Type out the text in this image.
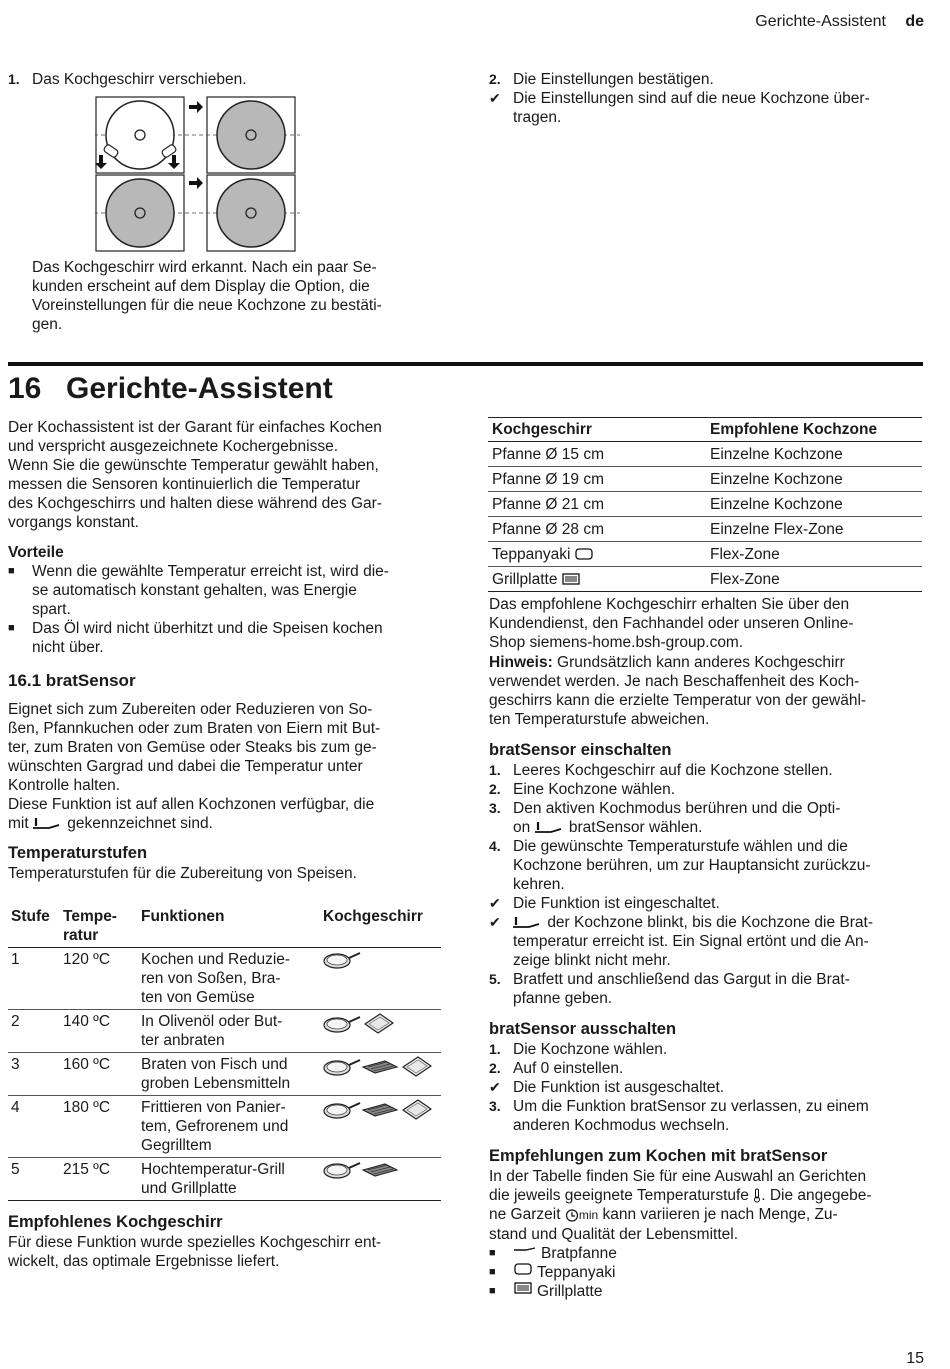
Gerichte-Assistent de
1. Das Kochgeschirr verschieben.

Das Kochgeschirr wird erkannt. Nach ein paar Se-

kunden erscheint auf dem Display die Option, die

Voreinstellungen für die neue Kochzone zu bestäti-

gen.

2. Die Einstellungen bestätigen.
✔ Die Einstellungen sind auf die neue Kochzone über-
tragen.
16 Gerichte-Assistent

Der Kochassistent ist der Garant für einfaches Kochen

und verspricht ausgezeichnete Kochergebnisse.

Wenn Sie die gewünschte Temperatur gewählt haben,

messen die Sensoren kontinuierlich die Temperatur

des Kochgeschirrs und halten diese während des Gar-

vorgangs konstant.

Vorteile
■	Wenn die gewählte Temperatur erreicht ist, wird die-
se automatisch konstant gehalten, was Energie
spart.
■	Das Öl wird nicht überhitzt und die Speisen kochen
nicht über.
16.1 bratSensor

Eignet sich zum Zubereiten oder Reduzieren von So-

ßen, Pfannkuchen oder zum Braten von Eiern mit But-

ter, zum Braten von Gemüse oder Steaks bis zum ge-

wünschten Gargrad und dabei die Temperatur unter

Kontrolle halten.

Diese Funktion ist auf allen Kochzonen verfügbar, die

mit gekennzeichnet sind.

Temperaturstufen

Temperaturstufen für die Zubereitung von Speisen.

Stufe	Tempe-
ratur	Funktionen	Kochgeschirr
1	120 ºC	Kochen und Reduzie-
ren von Soßen, Bra-
ten von Gemüse	
2	140 ºC	In Olivenöl oder But-
ter anbraten	
3	160 ºC	Braten von Fisch und
groben Lebensmitteln	
4	180 ºC	Frittieren von Panier-
tem, Gefrorenem und
Gegrilltem	
5	215 ºC	Hochtemperatur-Grill
und Grillplatte	
Empfohlenes Kochgeschirr

Für diese Funktion wurde spezielles Kochgeschirr ent-

wickelt, das optimale Ergebnisse liefert.

Kochgeschirr	Empfohlene Kochzone
Pfanne Ø 15 cm	Einzelne Kochzone
Pfanne Ø 19 cm	Einzelne Kochzone
Pfanne Ø 21 cm	Einzelne Kochzone
Pfanne Ø 28 cm	Einzelne Flex-Zone
Teppanyaki	Flex-Zone
Grillplatte	Flex-Zone

Das empfohlene Kochgeschirr erhalten Sie über den

Kundendienst, den Fachhandel oder unseren Online-

Shop siemens-home.bsh-group.com.

Hinweis: Grundsätzlich kann anderes Kochgeschirr

verwendet werden. Je nach Beschaffenheit des Koch-

geschirrs kann die erzielte Temperatur von der gewähl-

ten Temperaturstufe abweichen.

bratSensor einschalten
1. Leeres Kochgeschirr auf die Kochzone stellen.
2. Eine Kochzone wählen.
3. Den aktiven Kochmodus berühren und die Opti-
on bratSensor wählen.
4. Die gewünschte Temperaturstufe wählen und die
Kochzone berühren, um zur Hauptansicht zurückzu-
kehren.
✔ Die Funktion ist eingeschaltet.
✔	der Kochzone blinkt, bis die Kochzone die Brat-
temperatur erreicht ist. Ein Signal ertönt und die An-
zeige blinkt nicht mehr.
5. Bratfett und anschließend das Gargut in die Brat-
pfanne geben.
bratSensor ausschalten
1. Die Kochzone wählen.
2. Auf 0 einstellen.
✔ Die Funktion ist ausgeschaltet.
3. Um die Funktion bratSensor zu verlassen, zu einem
anderen Kochmodus wechseln.
Empfehlungen zum Kochen mit bratSensor

In der Tabelle finden Sie für eine Auswahl an Gerichten

die jeweils geeignete Temperaturstufe . Die angegebe-

ne Garzeit min kann variieren je nach Menge, Zu-

stand und Qualität der Lebensmittel.

■	Bratpfanne
■	Teppanyaki
■	Grillplatte
15
